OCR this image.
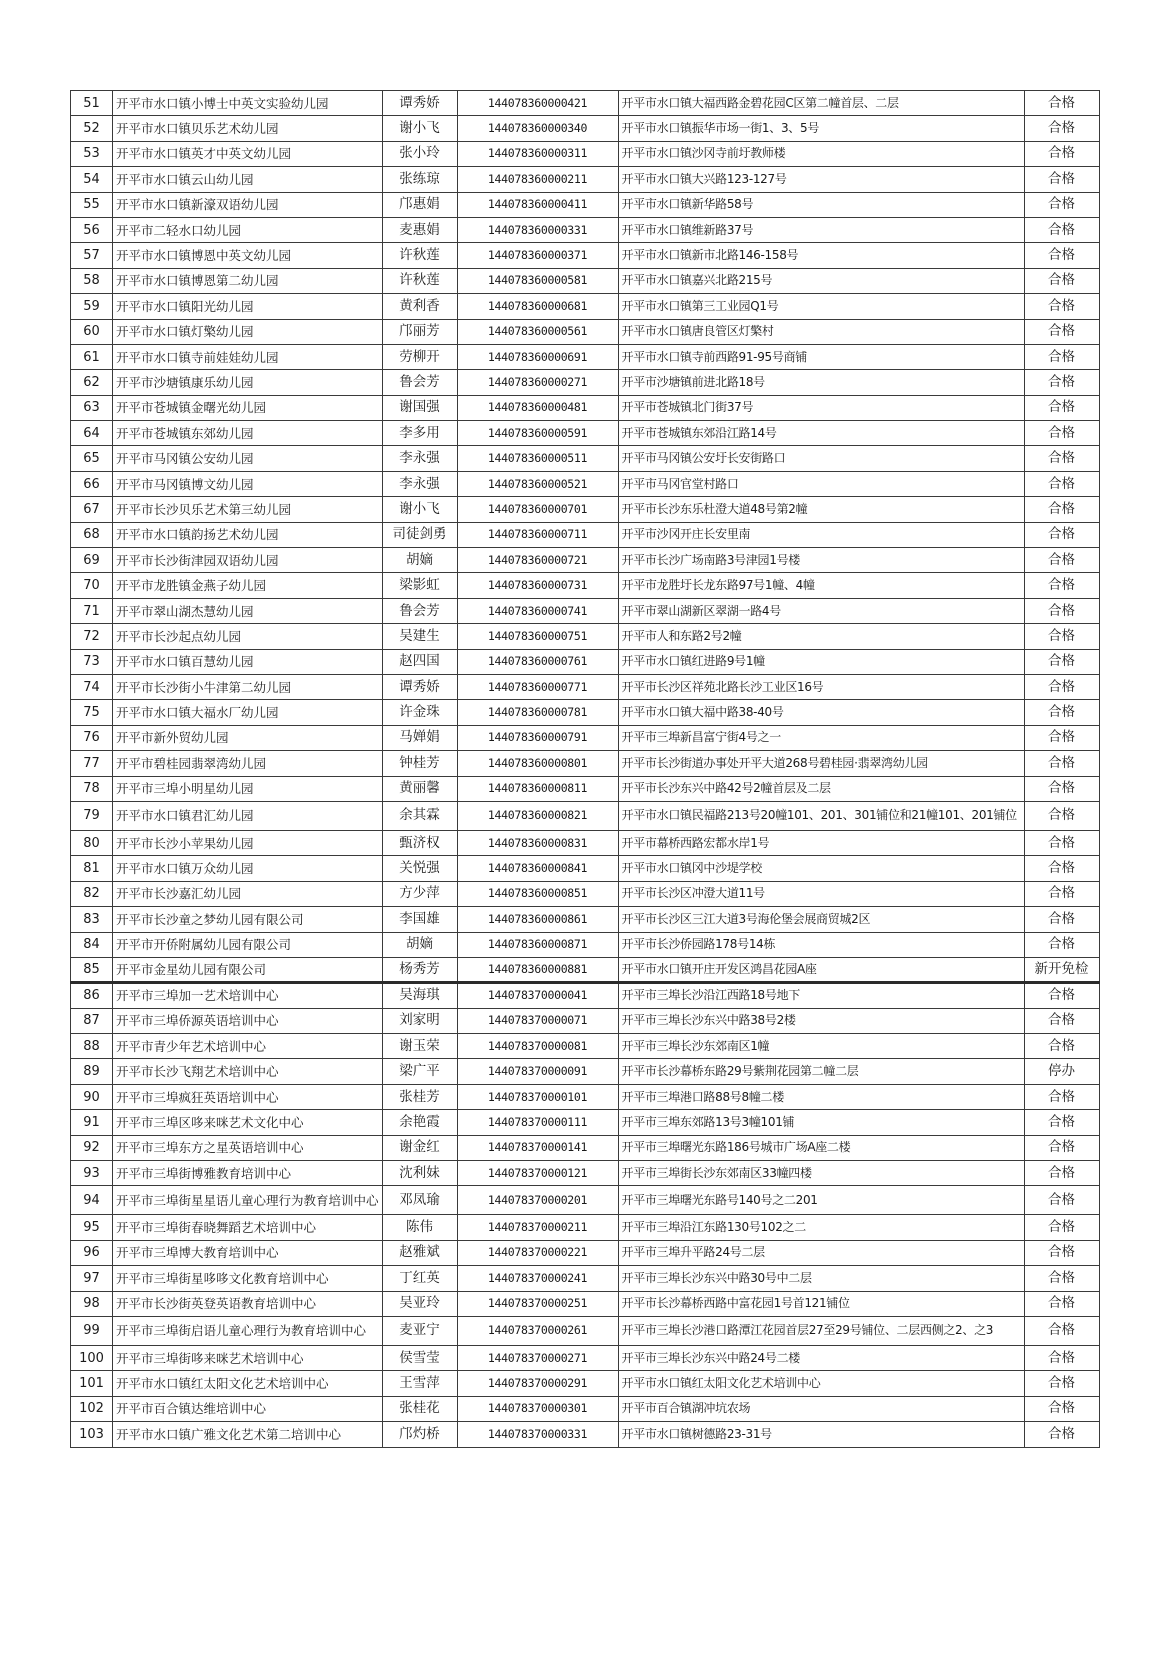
51	开平市水口镇小博士中英文实验幼儿园	谭秀娇	144078360000421	开平市水口镇大福西路金碧花园C区第二幢首层、二层	合格
52	开平市水口镇贝乐艺术幼儿园	谢小飞	144078360000340	开平市水口镇振华市场一街1、3、5号	合格
53	开平市水口镇英才中英文幼儿园	张小玲	144078360000311	开平市水口镇沙冈寺前圩教师楼	合格
54	开平市水口镇云山幼儿园	张练琼	144078360000211	开平市水口镇大兴路123-127号	合格
55	开平市水口镇新濠双语幼儿园	邝惠娟	144078360000411	开平市水口镇新华路58号	合格
56	开平市二轻水口幼儿园	麦惠娟	144078360000331	开平市水口镇维新路37号	合格
57	开平市水口镇博恩中英文幼儿园	许秋莲	144078360000371	开平市水口镇新市北路146-158号	合格
58	开平市水口镇博恩第二幼儿园	许秋莲	144078360000581	开平市水口镇嘉兴北路215号	合格
59	开平市水口镇阳光幼儿园	黄利香	144078360000681	开平市水口镇第三工业园Q1号	合格
60	开平市水口镇灯檠幼儿园	邝丽芳	144078360000561	开平市水口镇唐良管区灯檠村	合格
61	开平市水口镇寺前娃娃幼儿园	劳柳开	144078360000691	开平市水口镇寺前西路91-95号商铺	合格
62	开平市沙塘镇康乐幼儿园	鲁会芳	144078360000271	开平市沙塘镇前进北路18号	合格
63	开平市苍城镇金曙光幼儿园	谢国强	144078360000481	开平市苍城镇北门街37号	合格
64	开平市苍城镇东郊幼儿园	李多用	144078360000591	开平市苍城镇东郊沿江路14号	合格
65	开平市马冈镇公安幼儿园	李永强	144078360000511	开平市马冈镇公安圩长安街路口	合格
66	开平市马冈镇博文幼儿园	李永强	144078360000521	开平市马冈官堂村路口	合格
67	开平市长沙贝乐艺术第三幼儿园	谢小飞	144078360000701	开平市长沙东乐杜澄大道48号第2幢	合格
68	开平市水口镇韵扬艺术幼儿园	司徒剑勇	144078360000711	开平市沙冈开庄长安里南	合格
69	开平市长沙街津园双语幼儿园	胡嫡	144078360000721	开平市长沙广场南路3号津园1号楼	合格
70	开平市龙胜镇金燕子幼儿园	梁影虹	144078360000731	开平市龙胜圩长龙东路97号1幢、4幢	合格
71	开平市翠山湖杰慧幼儿园	鲁会芳	144078360000741	开平市翠山湖新区翠湖一路4号	合格
72	开平市长沙起点幼儿园	吴建生	144078360000751	开平市人和东路2号2幢	合格
73	开平市水口镇百慧幼儿园	赵四国	144078360000761	开平市水口镇红进路9号1幢	合格
74	开平市长沙街小牛津第二幼儿园	谭秀娇	144078360000771	开平市长沙区祥苑北路长沙工业区16号	合格
75	开平市水口镇大福水厂幼儿园	许金珠	144078360000781	开平市水口镇大福中路38-40号	合格
76	开平市新外贸幼儿园	马婵娟	144078360000791	开平市三埠新昌富宁街4号之一	合格
77	开平市碧桂园翡翠湾幼儿园	钟桂芳	144078360000801	开平市长沙街道办事处开平大道268号碧桂园·翡翠湾幼儿园	合格
78	开平市三埠小明星幼儿园	黄丽馨	144078360000811	开平市长沙东兴中路42号2幢首层及二层	合格
79	开平市水口镇君汇幼儿园	余其霖	144078360000821	开平市水口镇民福路213号20幢101、201、301铺位和21幢101、201铺位	合格
80	开平市长沙小苹果幼儿园	甄济权	144078360000831	开平市幕桥西路宏都水岸1号	合格
81	开平市水口镇万众幼儿园	关悦强	144078360000841	开平市水口镇冈中沙堤学校	合格
82	开平市长沙嘉汇幼儿园	方少萍	144078360000851	开平市长沙区冲澄大道11号	合格
83	开平市长沙童之梦幼儿园有限公司	李国雄	144078360000861	开平市长沙区三江大道3号海伦堡会展商贸城2区	合格
84	开平市开侨附属幼儿园有限公司	胡嫡	144078360000871	开平市长沙侨园路178号14栋	合格
85	开平市金星幼儿园有限公司	杨秀芳	144078360000881	开平市水口镇开庄开发区鸿昌花园A座	新开免检
86	开平市三埠加一艺术培训中心	吴海琪	144078370000041	开平市三埠长沙沿江西路18号地下	合格
87	开平市三埠侨源英语培训中心	刘家明	144078370000071	开平市三埠长沙东兴中路38号2楼	合格
88	开平市青少年艺术培训中心	谢玉荣	144078370000081	开平市三埠长沙东郊南区1幢	合格
89	开平市长沙飞翔艺术培训中心	梁广平	144078370000091	开平市长沙幕桥东路29号紫荆花园第二幢二层	停办
90	开平市三埠疯狂英语培训中心	张桂芳	144078370000101	开平市三埠港口路88号8幢二楼	合格
91	开平市三埠区哆来咪艺术文化中心	余艳霞	144078370000111	开平市三埠东郊路13号3幢101铺	合格
92	开平市三埠东方之星英语培训中心	谢金红	144078370000141	开平市三埠曙光东路186号城市广场A座二楼	合格
93	开平市三埠街博雅教育培训中心	沈利妹	144078370000121	开平市三埠街长沙东郊南区33幢四楼	合格
94	开平市三埠街星星语儿童心理行为教育培训中心	邓凤瑜	144078370000201	开平市三埠曙光东路号140号之二201	合格
95	开平市三埠街春晓舞蹈艺术培训中心	陈伟	144078370000211	开平市三埠沿江东路130号102之二	合格
96	开平市三埠博大教育培训中心	赵雅斌	144078370000221	开平市三埠升平路24号二层	合格
97	开平市三埠街星哆哆文化教育培训中心	丁红英	144078370000241	开平市三埠长沙东兴中路30号中二层	合格
98	开平市长沙街英登英语教育培训中心	吴亚玲	144078370000251	开平市长沙幕桥西路中富花园1号首121铺位	合格
99	开平市三埠街启语儿童心理行为教育培训中心	麦亚宁	144078370000261	开平市三埠长沙港口路潭江花园首层27至29号铺位、二层西侧之2、之3	合格
100	开平市三埠街哆来咪艺术培训中心	侯雪莹	144078370000271	开平市三埠长沙东兴中路24号二楼	合格
101	开平市水口镇红太阳文化艺术培训中心	王雪萍	144078370000291	开平市水口镇红太阳文化艺术培训中心	合格
102	开平市百合镇达维培训中心	张桂花	144078370000301	开平市百合镇湖冲坑农场	合格
103	开平市水口镇广雅文化艺术第二培训中心	邝灼桥	144078370000331	开平市水口镇树德路23-31号	合格
